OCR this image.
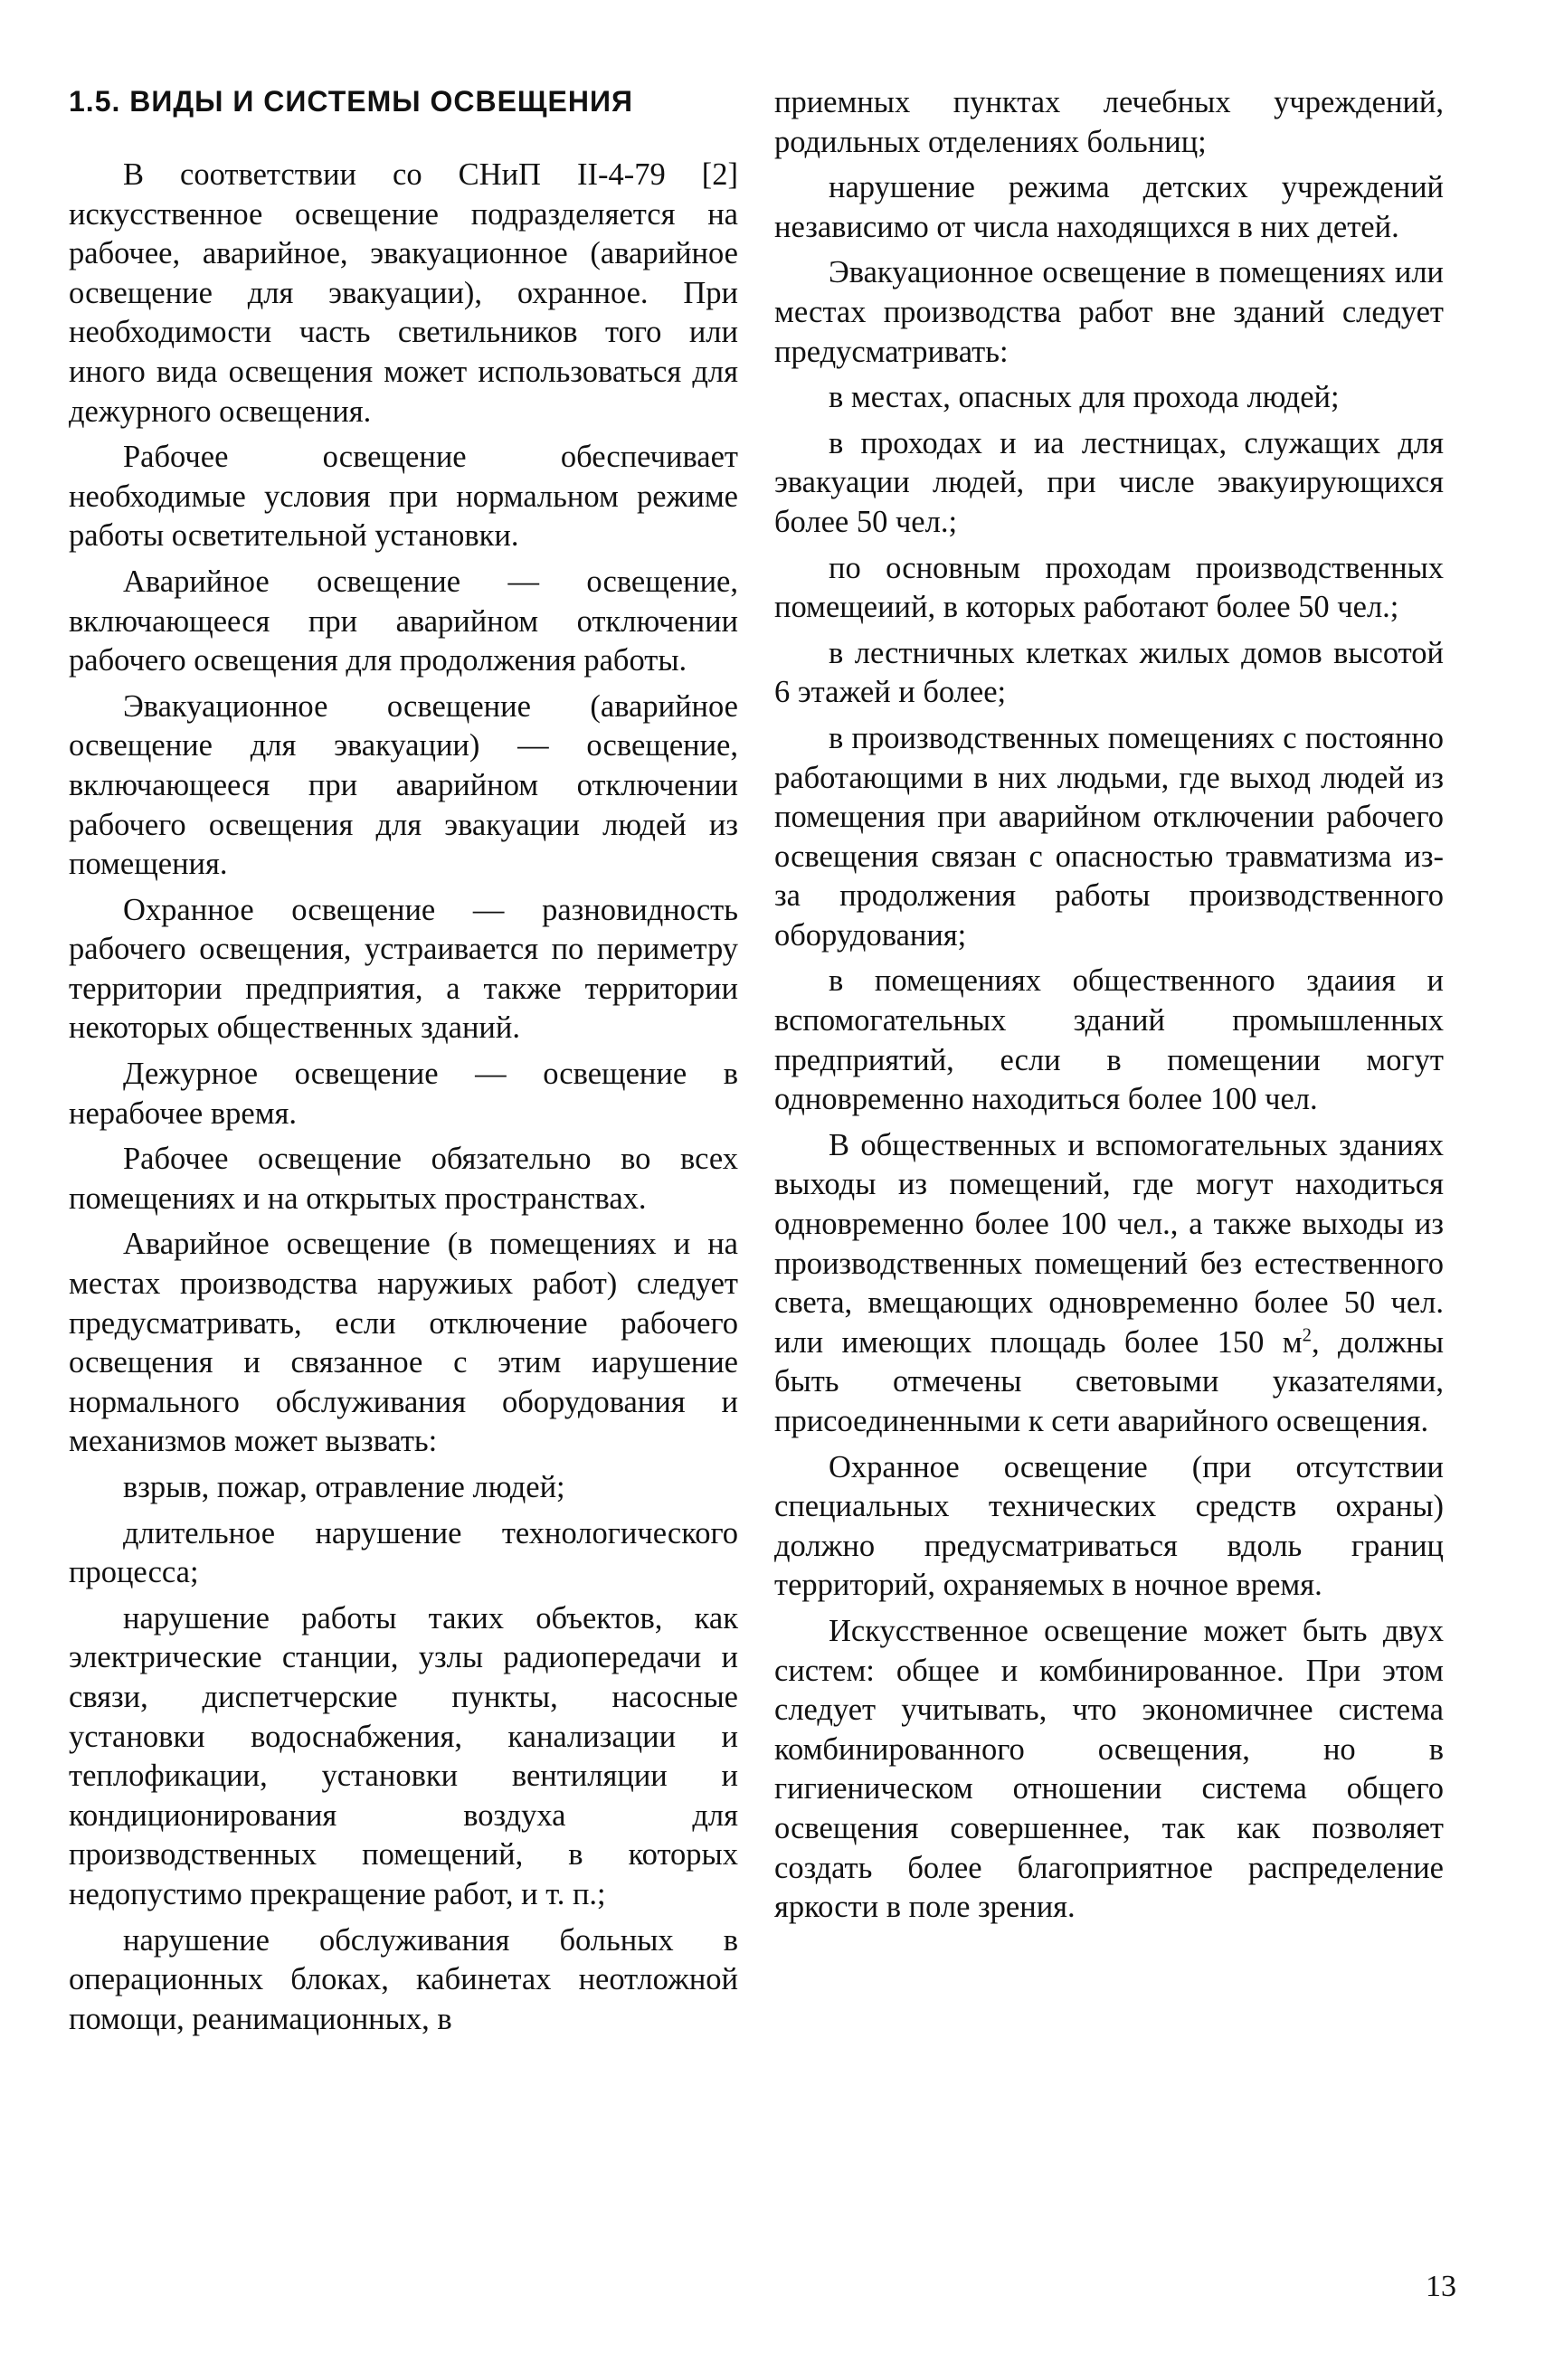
1.5. ВИДЫ И СИСТЕМЫ ОСВЕЩЕНИЯ

В соответствии со СНиП II-4-79 [2] искусственное освещение подразделяется на рабочее, аварийное, эвакуационное (аварийное освещение для эвакуации), охранное. При необходимости часть светильников того или иного вида освещения может использоваться для дежурного освещения.

Рабочее освещение обеспечивает необходимые условия при нормальном режиме работы осветительной установки.

Аварийное освещение — освещение, включающееся при аварийном отключении рабочего освещения для продолжения работы.

Эвакуационное освещение (аварийное освещение для эвакуации) — освещение, включающееся при аварийном отключении рабочего освещения для эвакуации людей из помещения.

Охранное освещение — разновидность рабочего освещения, устраивается по периметру территории предприятия, а также территории некоторых общественных зданий.

Дежурное освещение — освещение в нерабочее время.

Рабочее освещение обязательно во всех помещениях и на открытых пространствах.

Аварийное освещение (в помещениях и на местах производства наружиых работ) следует предусматривать, если отключение рабочего освещения и связанное с этим иарушение нормального обслуживания оборудования и механизмов может вызвать:

взрыв, пожар, отравление людей;

длительное нарушение технологического процесса;

нарушение работы таких объектов, как электрические станции, узлы радиопередачи и связи, диспетчерские пункты, насосные установки водоснабжения, канализации и теплофикации, установки вентиляции и кондиционирования воздуха для производственных помещений, в которых недопустимо прекращение работ, и т. п.;

нарушение обслуживания больных в операционных блоках, кабинетах неотложной помощи, реанимационных, в

приемных пунктах лечебных учреждений, родильных отделениях больниц;

нарушение режима детских учреждений независимо от числа находящихся в них детей.

Эвакуационное освещение в помещениях или местах производства работ вне зданий следует предусматривать:

в местах, опасных для прохода людей;

в проходах и иа лестницах, служащих для эвакуации людей, при числе эвакуирующихся более 50 чел.;

по основным проходам производственных помещеиий, в которых работают более 50 чел.;

в лестничных клетках жилых домов высотой 6 этажей и более;

в производственных помещениях с постоянно работающими в них людьми, где выход людей из помещения при аварийном отключении рабочего освещения связан с опасностью травматизма из-за продолжения работы производственного оборудования;

в помещениях общественного здаиия и вспомогательных зданий промышленных предприятий, если в помещении могут одновременно находиться более 100 чел.

В общественных и вспомогательных зданиях выходы из помещений, где могут находиться одновременно более 100 чел., а также выходы из производственных помещений без естественного света, вмещающих одновременно более 50 чел. или имеющих площадь более 150 $м^2$, должны быть отмечены световыми указателями, присоединенными к сети аварийного освещения.

Охранное освещение (при отсутствии специальных технических средств охраны) должно предусматриваться вдоль границ территорий, охраняемых в ночное время.

Искусственное освещение может быть двух систем: общее и комбинированное. При этом следует учитывать, что экономичнее система комбинированного освещения, но в гигиеническом отношении система общего освещения совершеннее, так как позволяет создать более благоприятное распределение яркости в поле зрения.

13
